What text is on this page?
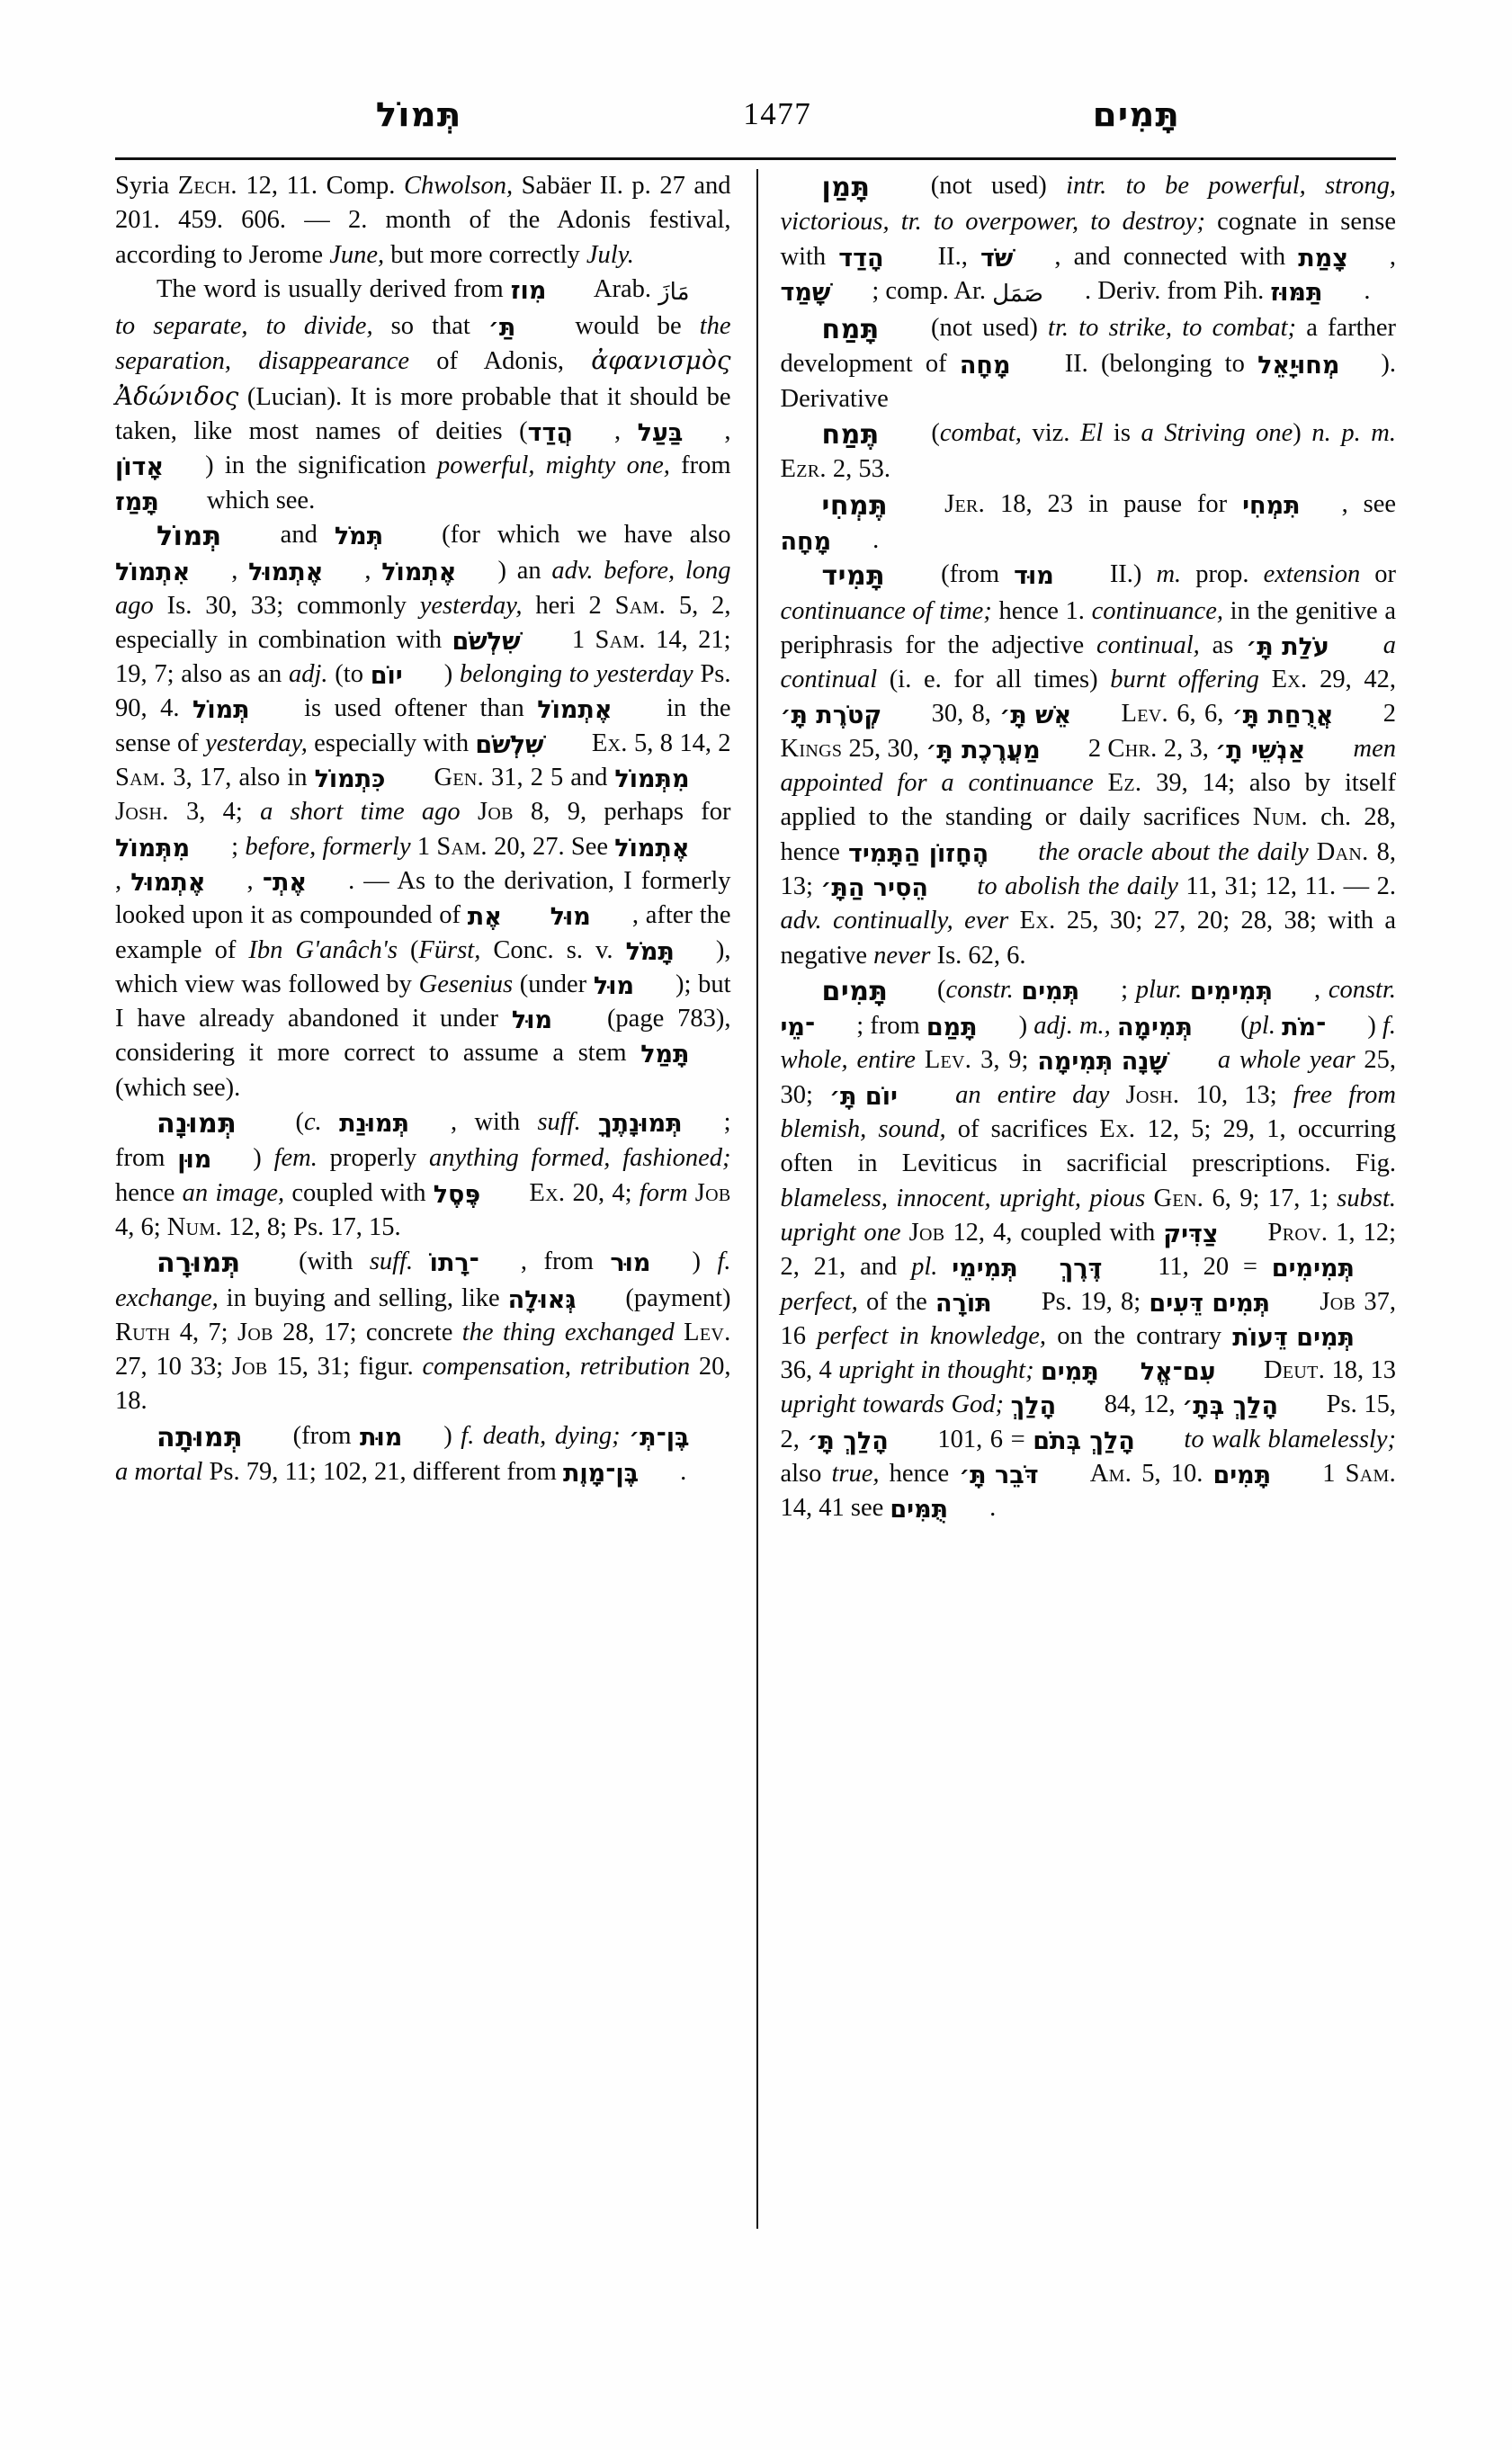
תְּמוֹל	1477	תָּמִים

Syria Zech. 12, 11. Comp. Chwolson, Sabäer II. p. 27 and 201. 459. 606. — 2. month of the Adonis festival, according to Jerome June, but more correctly July.

The word is usually derived from מִוז Arab. مَازَ to separate, to divide, so that תַּ׳ would be the separation, disappearance of Adonis, ἀφανισμὸς Ἀδώνιδος (Lucian). It is more probable that it should be taken, like most names of deities (הֲדַד , בַּעַל , אָדוֹן ) in the signification powerful, mighty one, from תָּמַז which see.

תְּמוֹל and תְּמֹל (for which we have also אִתְמוֹל , אֶתְמוּל , אֶתְמוֹל ) an adv. before, long ago Is. 30, 33; commonly yesterday, heri 2 Sam. 5, 2, especially in combination with שִׁלְשֹׁם 1 Sam. 14, 21; 19, 7; also as an adj. (to יוֹם ) belonging to yesterday Ps. 90, 4. תְּמוֹל is used oftener than אֶתְמוֹל in the sense of yesterday, especially with שִׁלְשֹׁם Ex. 5, 8 14, 2 Sam. 3, 17, also in כִּתְמוֹל Gen. 31, 2 5 and מִתְּמוֹל Josh. 3, 4; a short time ago Job 8, 9, perhaps for מִתְּמוֹל ; before, formerly 1 Sam. 20, 27. See אֶתְמוֹל, אֶתְמוּל , אֶתְ־ . — As to the derivation, I formerly looked upon it as compounded of אֶת מוּל , after the example of Ibn G'anâch's (Fürst, Conc. s. v. תָּמֹל ), which view was followed by Gesenius (under מוּל ); but I have already abandoned it under מוּל (page 783), considering it more correct to assume a stem תָּמַל (which see).

תְּמוּנָה (c. תְּמוּנַת , with suff. תְּמוּנָתֶךָ ; from מוּן ) fem. properly anything formed, fashioned; hence an image, coupled with פֶּסֶל Ex. 20, 4; form Job 4, 6; Num. 12, 8; Ps. 17, 15.

תְּמוּרָה (with suff. ־רָתוֹ , from מוּר ) f. exchange, in buying and selling, like גְּאוּלָה (payment) Ruth 4, 7; Job 28, 17; concrete the thing exchanged Lev. 27, 10 33; Job 15, 31; figur. compensation, retribution 20, 18.

תְּמוּתָה (from מוּת ) f. death, dying; בֶּן־תְּ׳ a mortal Ps. 79, 11; 102, 21, different from בֶּן־מָוֶת .

תָּמַן (not used) intr. to be powerful, strong, victorious, tr. to overpower, to destroy; cognate in sense with הָדַד II., שֹׁד , and connected with צָמַת , שָׁמַד ; comp. Ar. صَمَل . Deriv. from Pih. תַּמּוּז .

תָּמַח (not used) tr. to strike, to combat; a farther development of מָחָה II. (belonging to מְחוּיָאֵל ). Derivative

תֶּמַח (combat, viz. El is a Striving one) n. p. m. Ezr. 2, 53.

תֶּמְחִי Jer. 18, 23 in pause for תִּמְחִי , see מָחָה .

תָּמִיד (from מוּד II.) m. prop. extension or continuance of time; hence 1. continuance, in the genitive a periphrasis for the adjective continual, as עֹלַת תָּ׳ a continual (i. e. for all times) burnt offering Ex. 29, 42, קְטֹרֶת תָּ׳ 30, 8, אֵשׁ תָּ׳ Lev. 6, 6, אֲרֻחַת תָּ׳ 2 Kings 25, 30, מַעֲרֶכֶת תָּ׳ 2 Chr. 2, 3, אַנְשֵׁי תָ׳ men appointed for a continuance Ez. 39, 14; also by itself applied to the standing or daily sacrifices Num. ch. 28, hence הֶחָזוֹן הַתָּמִיד the oracle about the daily Dan. 8, 13; הֵסִיר הַתָּ׳ to abolish the daily 11, 31; 12, 11. — 2. adv. continually, ever Ex. 25, 30; 27, 20; 28, 38; with a negative never Is. 62, 6.

תָּמִים (constr. תְּמִים ; plur. תְּמִימִים , constr. ־מֵי ; from תָּמַם ) adj. m., תְּמִימָה (pl. ־מֹת ) f. whole, entire Lev. 3, 9; שָׁנָה תְּמִימָה a whole year 25, 30; יוֹם תָּ׳ an entire day Josh. 10, 13; free from blemish, sound, of sacrifices Ex. 12, 5; 29, 1, occurring often in Leviticus in sacrificial prescriptions. Fig. blameless, innocent, upright, pious Gen. 6, 9; 17, 1; subst. upright one Job 12, 4, coupled with צַדִּיק Prov. 1, 12; 2, 21, and pl. תְּמִימֵי דֶּרֶךְ 11, 20 = תְּמִימִים perfect, of the תּוֹרָה Ps. 19, 8; תְּמִים דֵּעִים Job 37, 16 perfect in knowledge, on the contrary תְּמִים דֵּעוֹת 36, 4 upright in thought; תָּמִים עִם־אֱל Deut. 18, 13 upright towards God; הָלַךְ 84, 12, הָלַךְ בְּתָ׳ Ps. 15, 2, הָלַךְ תָּ׳ 101, 6 = הָלַךְ בְּתֹם to walk blamelessly; also true, hence דֹּבֵר תָּ׳ Am. 5, 10. תָּמִים 1 Sam. 14, 41 see תֻּמִּים .
